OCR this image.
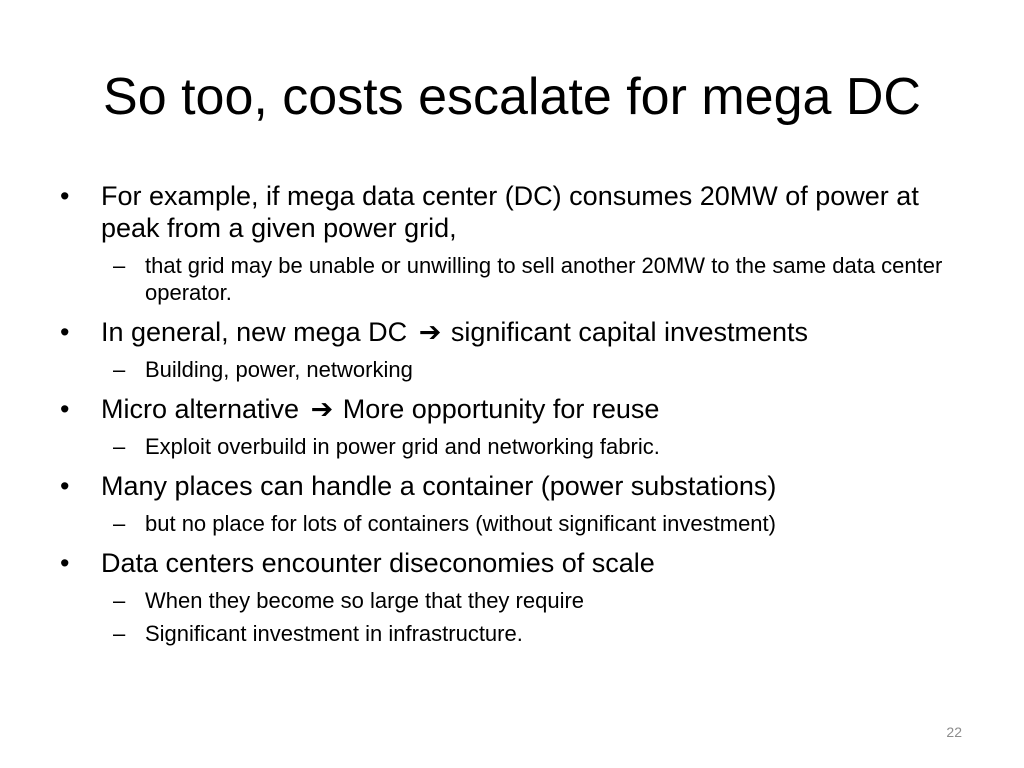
So too, costs escalate for mega DC
• For example, if mega data center (DC) consumes 20MW of power at peak from a given power grid,
– that grid may be unable or unwilling to sell another 20MW to the same data center operator.
• In general, new mega DC ➔ significant capital investments
– Building, power, networking
• Micro alternative ➔ More opportunity for reuse
– Exploit overbuild in power grid and networking fabric.
• Many places can handle a container (power substations)
– but no place for lots of containers (without significant investment)
• Data centers encounter diseconomies of scale
– When they become so large that they require
– Significant investment in infrastructure.
22
